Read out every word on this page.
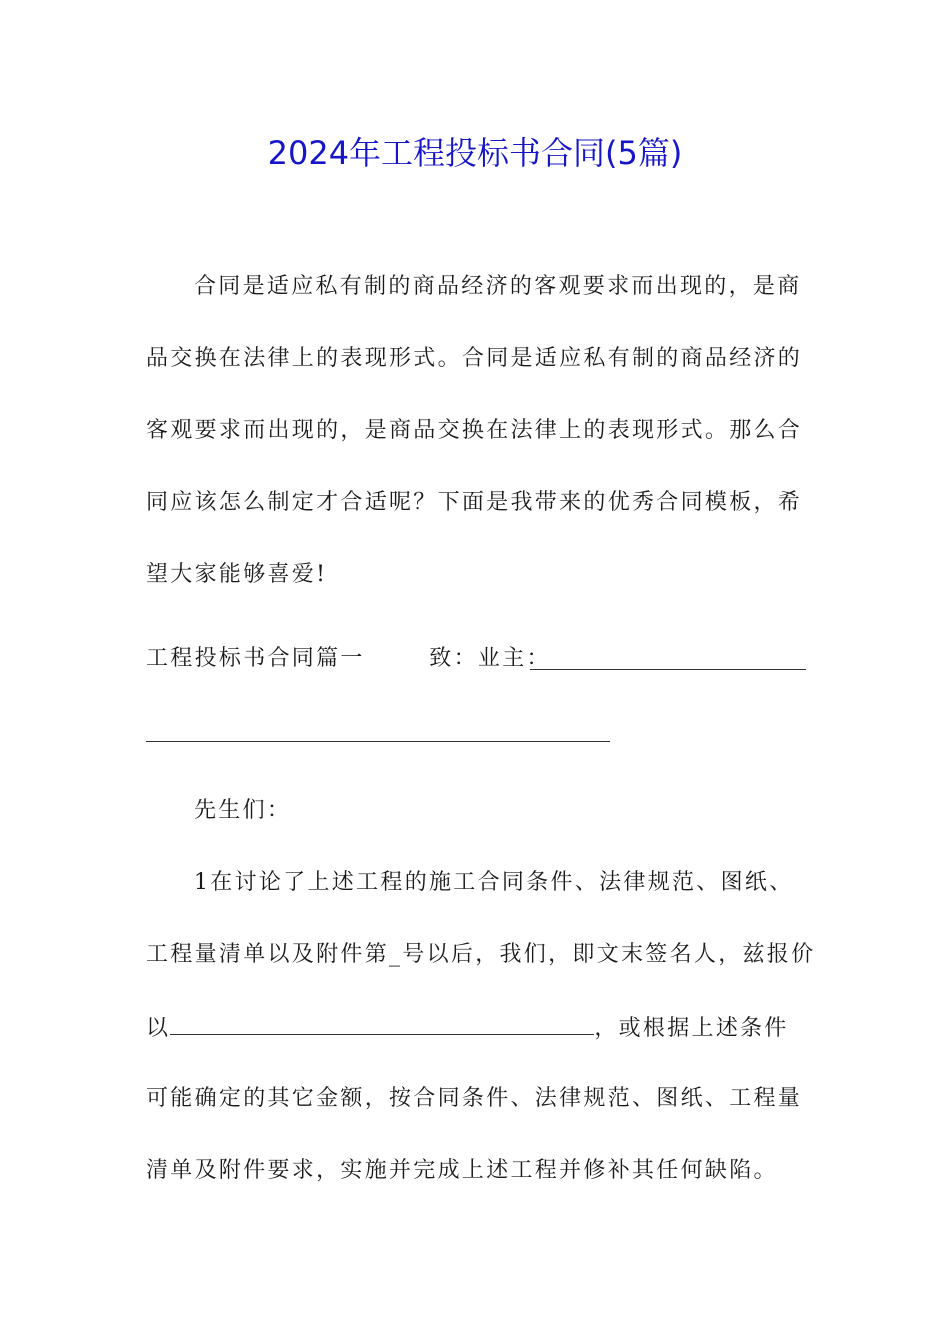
2024年工程投标书合同(5篇)
合同是适应私有制的商品经济的客观要求而出现的，是商
品交换在法律上的表现形式。合同是适应私有制的商品经济的
客观要求而出现的，是商品交换在法律上的表现形式。那么合
同应该怎么制定才合适呢？下面是我带来的优秀合同模板，希
望大家能够喜爱!
工程投标书合同篇一	致：业主：
先生们：
1在讨论了上述工程的施工合同条件、法律规范、图纸、
工程量清单以及附件第_号以后，我们，即文末签名人，兹报价
以	，或根据上述条件
可能确定的其它金额，按合同条件、法律规范、图纸、工程量
清单及附件要求，实施并完成上述工程并修补其任何缺陷。
